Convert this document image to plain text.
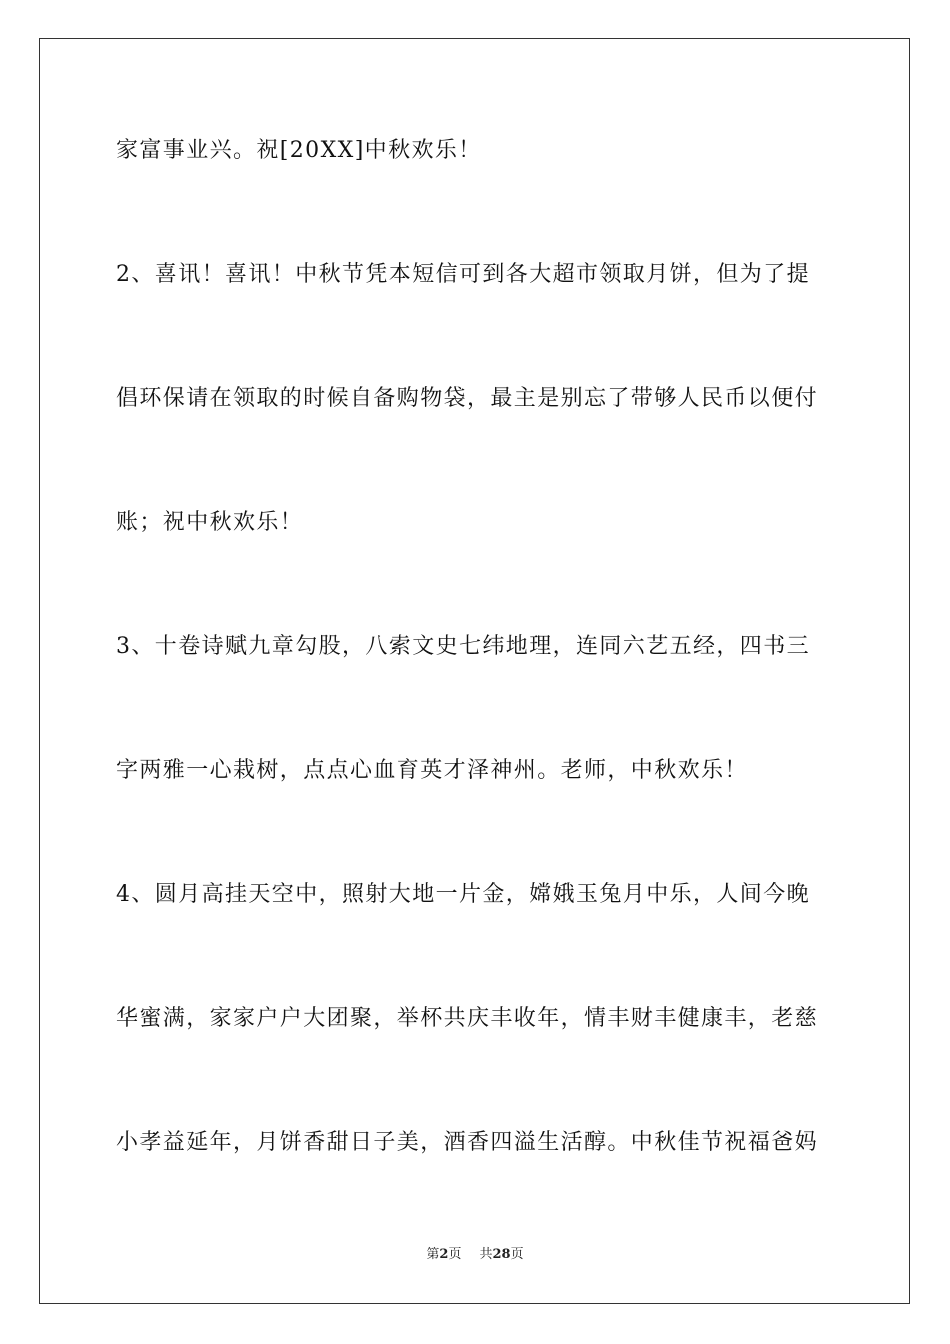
家富事业兴。祝[20XX]中秋欢乐！
2、喜讯！喜讯！中秋节凭本短信可到各大超市领取月饼，但为了提
倡环保请在领取的时候自备购物袋，最主是别忘了带够人民币以便付
账；祝中秋欢乐！
3、十卷诗赋九章勾股，八索文史七纬地理，连同六艺五经，四书三
字两雅一心栽树，点点心血育英才泽神州。老师，中秋欢乐！
4、圆月高挂天空中，照射大地一片金，嫦娥玉兔月中乐，人间今晚
华蜜满，家家户户大团聚，举杯共庆丰收年，情丰财丰健康丰，老慈
小孝益延年，月饼香甜日子美，酒香四溢生活醇。中秋佳节祝福爸妈
第2页 共28页
